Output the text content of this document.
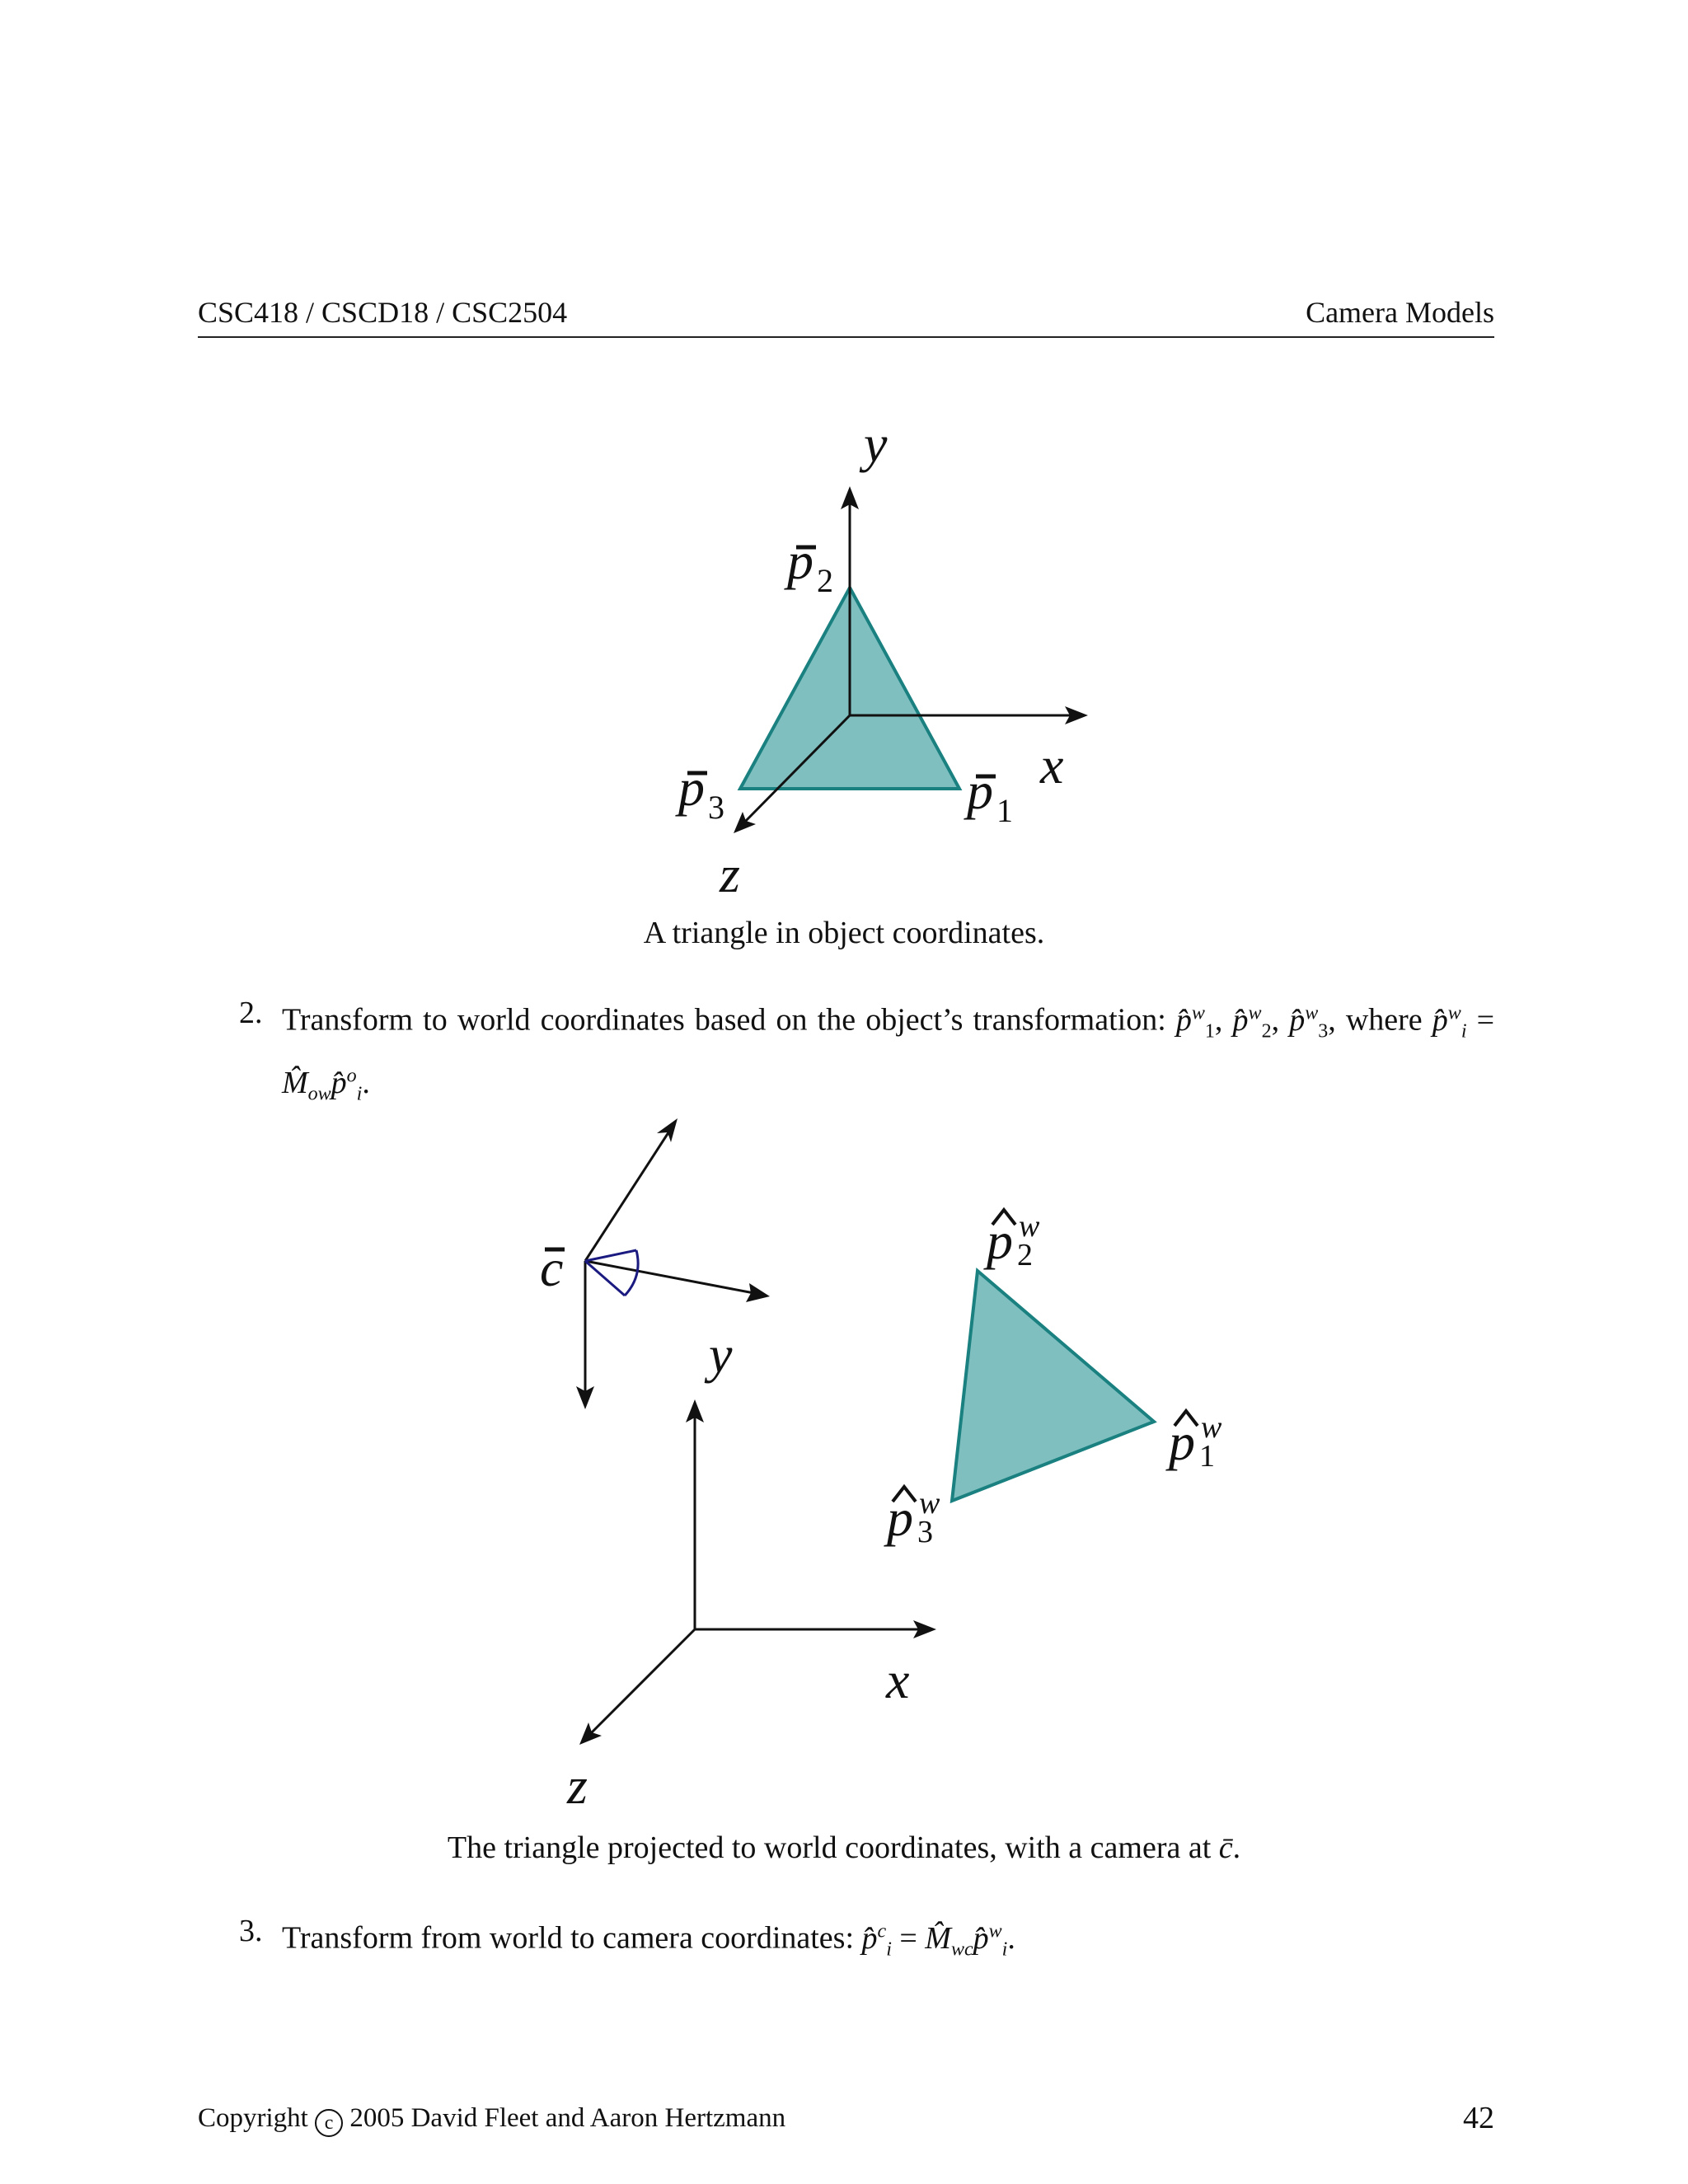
CSC418 / CSCD18 / CSC2504	Camera Models
y
x
z
p 2
p 3	p 1
A triangle in object coordinates.
2. Transform to world coordinates based on the object’s transformation: p̂$^w_1$, p̂$^w_2$, p̂$^w_3$, where p̂$^w_i$ = $M̂_{ow}p̂^o_i$.
c
y
x
z
p w
2
p w
1
p w
3
The triangle projected to world coordinates, with a camera at c̄.
3. Transform from world to camera coordinates: p̂$^c_i$ = $M̂_{wc}p̂^w_i$.
Copyright c 2005 David Fleet and Aaron Hertzmann	42
